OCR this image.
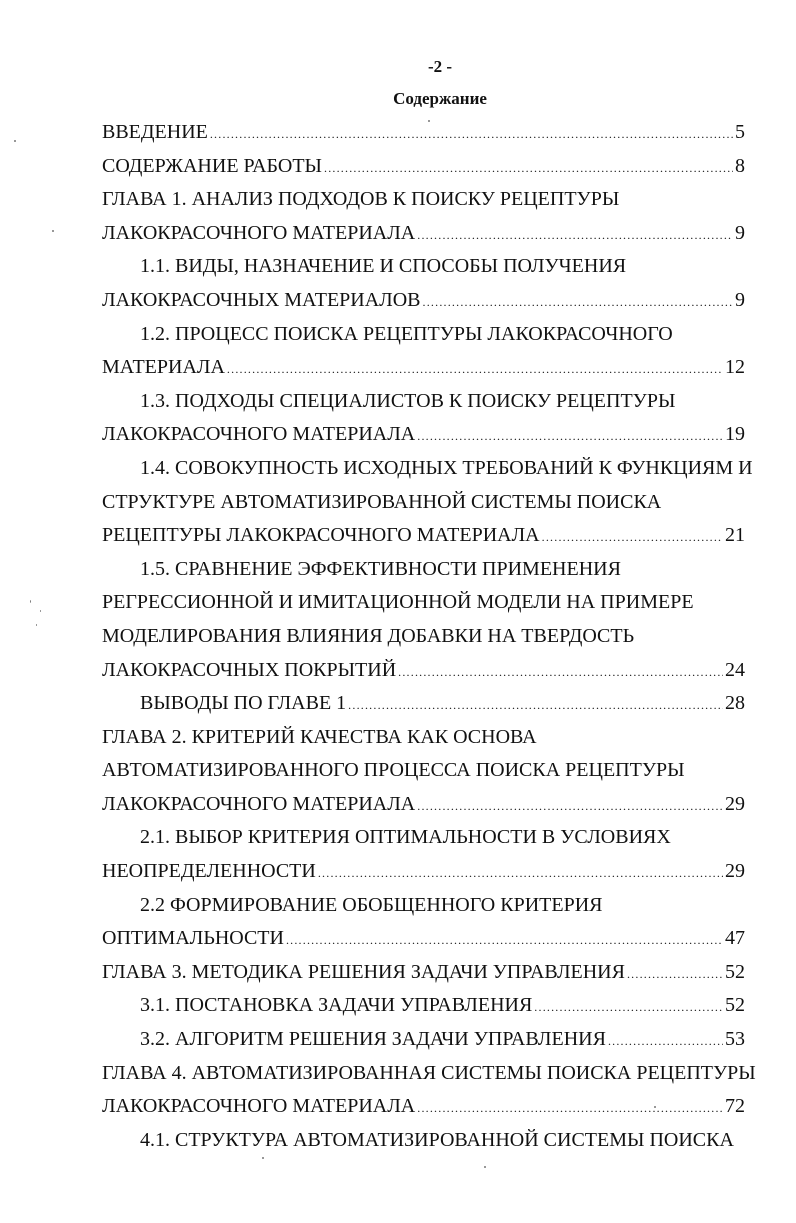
-2 -
Содержание
ВВЕДЕНИЕ .....	5
СОДЕРЖАНИЕ РАБОТЫ .....	8
ГЛАВА 1. АНАЛИЗ ПОДХОДОВ К ПОИСКУ РЕЦЕПТУРЫ
ЛАКОКРАСОЧНОГО МАТЕРИАЛА .....	9
1.1. ВИДЫ, НАЗНАЧЕНИЕ И СПОСОБЫ ПОЛУЧЕНИЯ
ЛАКОКРАСОЧНЫХ МАТЕРИАЛОВ .....	9
1.2. ПРОЦЕСС ПОИСКА РЕЦЕПТУРЫ ЛАКОКРАСОЧНОГО
МАТЕРИАЛА .....	12
1.3. ПОДХОДЫ СПЕЦИАЛИСТОВ К ПОИСКУ РЕЦЕПТУРЫ
ЛАКОКРАСОЧНОГО МАТЕРИАЛА .....	19
1.4. СОВОКУПНОСТЬ ИСХОДНЫХ ТРЕБОВАНИЙ К ФУНКЦИЯМ И
СТРУКТУРЕ АВТОМАТИЗИРОВАННОЙ СИСТЕМЫ ПОИСКА
РЕЦЕПТУРЫ ЛАКОКРАСОЧНОГО МАТЕРИАЛА .....	21
1.5. СРАВНЕНИЕ ЭФФЕКТИВНОСТИ ПРИМЕНЕНИЯ
РЕГРЕССИОННОЙ И ИМИТАЦИОННОЙ МОДЕЛИ НА ПРИМЕРЕ
МОДЕЛИРОВАНИЯ ВЛИЯНИЯ ДОБАВКИ НА ТВЕРДОСТЬ
ЛАКОКРАСОЧНЫХ ПОКРЫТИЙ .....	24
ВЫВОДЫ ПО ГЛАВЕ 1 .....	28
ГЛАВА 2. КРИТЕРИЙ КАЧЕСТВА КАК ОСНОВА
АВТОМАТИЗИРОВАННОГО ПРОЦЕССА ПОИСКА РЕЦЕПТУРЫ
ЛАКОКРАСОЧНОГО МАТЕРИАЛА .....	29
2.1. ВЫБОР КРИТЕРИЯ ОПТИМАЛЬНОСТИ В УСЛОВИЯХ
НЕОПРЕДЕЛЕННОСТИ .....	29
2.2 ФОРМИРОВАНИЕ ОБОБЩЕННОГО КРИТЕРИЯ
ОПТИМАЛЬНОСТИ .....	47
ГЛАВА 3. МЕТОДИКА РЕШЕНИЯ ЗАДАЧИ УПРАВЛЕНИЯ .....	52
3.1. ПОСТАНОВКА ЗАДАЧИ УПРАВЛЕНИЯ .....	52
3.2. АЛГОРИТМ РЕШЕНИЯ ЗАДАЧИ УПРАВЛЕНИЯ .....	53
ГЛАВА 4. АВТОМАТИЗИРОВАННАЯ СИСТЕМЫ ПОИСКА РЕЦЕПТУРЫ
ЛАКОКРАСОЧНОГО МАТЕРИАЛА .....	72
4.1. СТРУКТУРА АВТОМАТИЗИРОВАННОЙ СИСТЕМЫ ПОИСКА
